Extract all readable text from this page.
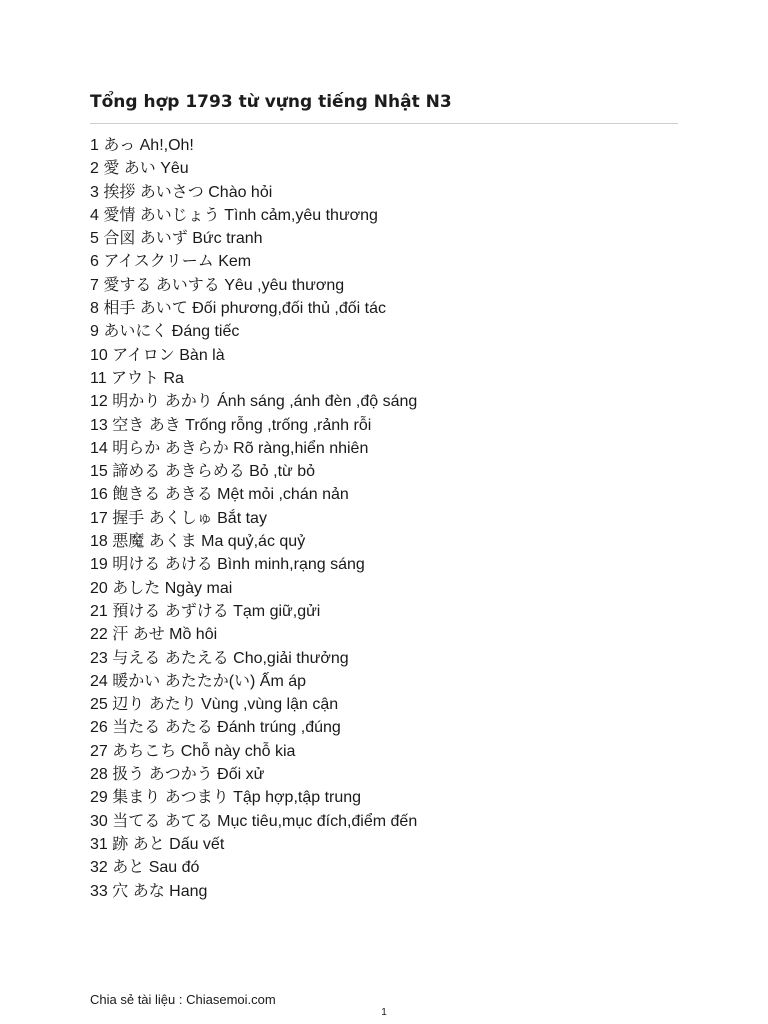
Tổng hợp 1793 từ vựng tiếng Nhật N3
1 あっ Ah!,Oh!
2 愛 あい Yêu
3 挨拶 あいさつ Chào hỏi
4 愛情 あいじょう Tình cảm,yêu thương
5 合図 あいず Bức tranh
6 アイスクリーム Kem
7 愛する あいする Yêu ,yêu thương
8 相手 あいて Đối phương,đối thủ ,đối tác
9 あいにく Đáng tiếc
10 アイロン Bàn là
11 アウト Ra
12 明かり あかり Ánh sáng ,ánh đèn ,độ sáng
13 空き あき Trống rỗng ,trống ,rảnh rỗi
14 明らか あきらか Rõ ràng,hiển nhiên
15 諦める あきらめる Bỏ ,từ bỏ
16 飽きる あきる Mệt mỏi ,chán nản
17 握手 あくしゅ Bắt tay
18 悪魔 あくま Ma quỷ,ác quỷ
19 明ける あける Bình minh,rạng sáng
20 あした Ngày mai
21 預ける あずける Tạm giữ,gửi
22 汗 あせ Mồ hôi
23 与える あたえる Cho,giải thưởng
24 暖かい あたたか(い) Ấm áp
25 辺り あたり Vùng ,vùng lận cận
26 当たる あたる Đánh trúng ,đúng
27 あちこち Chỗ này chỗ kia
28 扱う あつかう Đối xử
29 集まり あつまり Tập hợp,tập trung
30 当てる あてる Mục tiêu,mục đích,điểm đến
31 跡 あと Dấu vết
32 あと Sau đó
33 穴 あな Hang
Chia sẻ tài liệu : Chiasemoi.com
1
